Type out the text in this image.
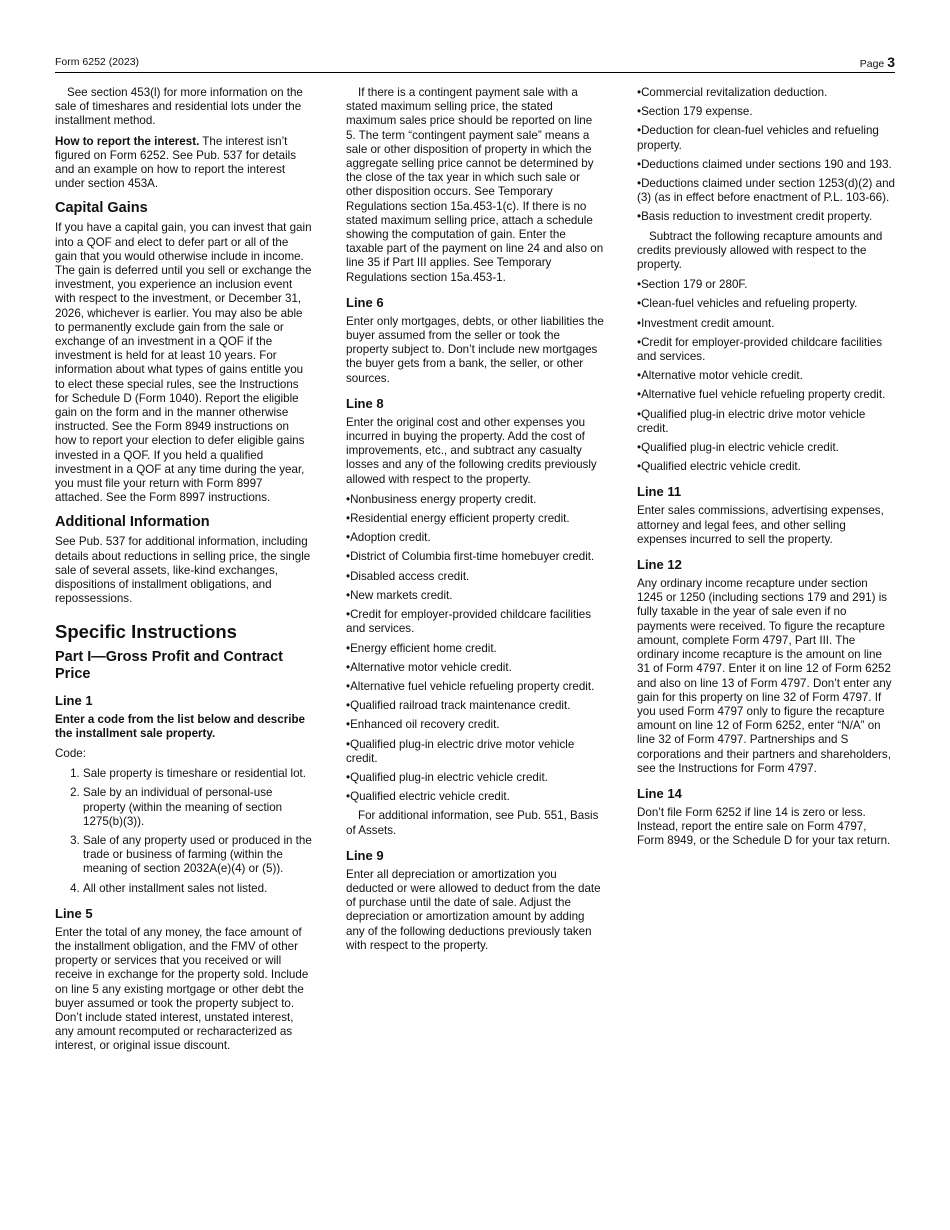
Form 6252 (2023)	Page 3

See section 453(l) for more information on the sale of timeshares and residential lots under the installment method.

How to report the interest. The interest isn’t figured on Form 6252. See Pub. 537 for details and an example on how to report the interest under section 453A.

Capital Gains

If you have a capital gain, you can invest that gain into a QOF and elect to defer part or all of the gain that you would otherwise include in income. The gain is deferred until you sell or exchange the investment, you experience an inclusion event with respect to the investment, or December 31, 2026, whichever is earlier. You may also be able to permanently exclude gain from the sale or exchange of an investment in a QOF if the investment is held for at least 10 years. For information about what types of gains entitle you to elect these special rules, see the Instructions for Schedule D (Form 1040). Report the eligible gain on the form and in the manner otherwise instructed. See the Form 8949 instructions on how to report your election to defer eligible gains invested in a QOF. If you held a qualified investment in a QOF at any time during the year, you must file your return with Form 8997 attached. See the Form 8997 instructions.

Additional Information

See Pub. 537 for additional information, including details about reductions in selling price, the single sale of several assets, like-kind exchanges, dispositions of installment obligations, and repossessions.

Specific Instructions
Part I—Gross Profit and Contract Price
Line 1

Enter a code from the list below and describe the installment sale property.

Code:

1. Sale property is timeshare or residential lot.
2. Sale by an individual of personal-use property (within the meaning of section 1275(b)(3)).
3. Sale of any property used or produced in the trade or business of farming (within the meaning of section 2032A(e)(4) or (5)).
4. All other installment sales not listed.
Line 5

Enter the total of any money, the face amount of the installment obligation, and the FMV of other property or services that you received or will receive in exchange for the property sold. Include on line 5 any existing mortgage or other debt the buyer assumed or took the property subject to. Don’t include stated interest, unstated interest, any amount recomputed or recharacterized as interest, or original issue discount.

If there is a contingent payment sale with a stated maximum selling price, the stated maximum sales price should be reported on line 5. The term “contingent payment sale” means a sale or other disposition of property in which the aggregate selling price cannot be determined by the close of the tax year in which such sale or other disposition occurs. See Temporary Regulations section 15a.453-1(c). If there is no stated maximum selling price, attach a schedule showing the computation of gain. Enter the taxable part of the payment on line 24 and also on line 35 if Part III applies. See Temporary Regulations section 15a.453-1.

Line 6

Enter only mortgages, debts, or other liabilities the buyer assumed from the seller or took the property subject to. Don’t include new mortgages the buyer gets from a bank, the seller, or other sources.

Line 8

Enter the original cost and other expenses you incurred in buying the property. Add the cost of improvements, etc., and subtract any casualty losses and any of the following credits previously allowed with respect to the property.

• Nonbusiness energy property credit.
• Residential energy efficient property credit.
• Adoption credit.
• District of Columbia first-time homebuyer credit.
• Disabled access credit.
• New markets credit.
• Credit for employer-provided childcare facilities and services.
• Energy efficient home credit.
• Alternative motor vehicle credit.
• Alternative fuel vehicle refueling property credit.
• Qualified railroad track maintenance credit.
• Enhanced oil recovery credit.
• Qualified plug-in electric drive motor vehicle credit.
• Qualified plug-in electric vehicle credit.
• Qualified electric vehicle credit.

For additional information, see Pub. 551, Basis of Assets.

Line 9

Enter all depreciation or amortization you deducted or were allowed to deduct from the date of purchase until the date of sale. Adjust the depreciation or amortization amount by adding any of the following deductions previously taken with respect to the property.

• Commercial revitalization deduction.
• Section 179 expense.
• Deduction for clean-fuel vehicles and refueling property.
• Deductions claimed under sections 190 and 193.
• Deductions claimed under section 1253(d)(2) and (3) (as in effect before enactment of P.L. 103-66).
• Basis reduction to investment credit property.

Subtract the following recapture amounts and credits previously allowed with respect to the property.

• Section 179 or 280F.
• Clean-fuel vehicles and refueling property.
• Investment credit amount.
• Credit for employer-provided childcare facilities and services.
• Alternative motor vehicle credit.
• Alternative fuel vehicle refueling property credit.
• Qualified plug-in electric drive motor vehicle credit.
• Qualified plug-in electric vehicle credit.
• Qualified electric vehicle credit.
Line 11

Enter sales commissions, advertising expenses, attorney and legal fees, and other selling expenses incurred to sell the property.

Line 12

Any ordinary income recapture under section 1245 or 1250 (including sections 179 and 291) is fully taxable in the year of sale even if no payments were received. To figure the recapture amount, complete Form 4797, Part III. The ordinary income recapture is the amount on line 31 of Form 4797. Enter it on line 12 of Form 6252 and also on line 13 of Form 4797. Don’t enter any gain for this property on line 32 of Form 4797. If you used Form 4797 only to figure the recapture amount on line 12 of Form 6252, enter “N/A” on line 32 of Form 4797. Partnerships and S corporations and their partners and shareholders, see the Instructions for Form 4797.

Line 14

Don’t file Form 6252 if line 14 is zero or less. Instead, report the entire sale on Form 4797, Form 8949, or the Schedule D for your tax return.
